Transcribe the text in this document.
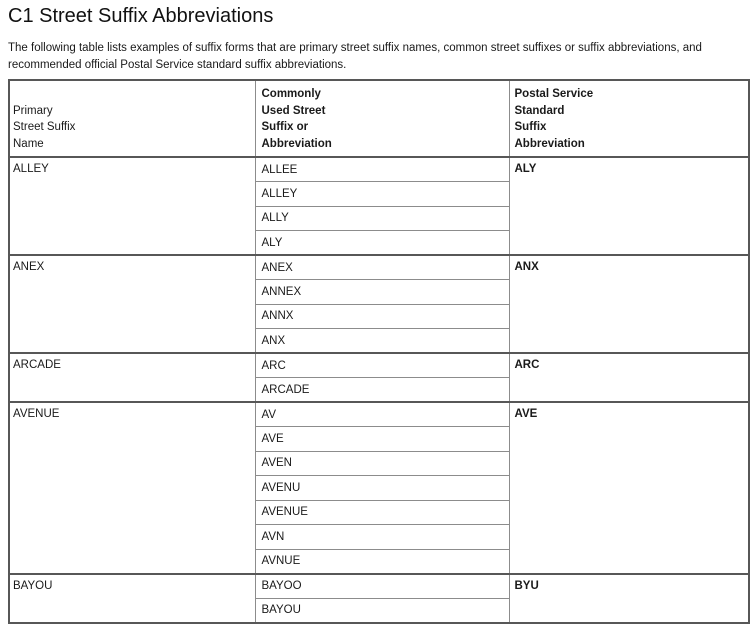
C1 Street Suffix Abbreviations
The following table lists examples of suffix forms that are primary street suffix names, common street suffixes or suffix abbreviations, and
recommended official Postal Service standard suffix abbreviations.
Primary
Street Suffix
Name

Commonly
Used Street
Suffix or
Abbreviation

Postal Service
Standard
Suffix
Abbreviation

ALLEY	ALLEE	ALY
	ALLEY	
	ALLY	
	ALY	
ANEX	ANEX	ANX
	ANNEX	
	ANNX	
	ANX	
ARCADE	ARC	ARC
	ARCADE	
AVENUE	AV	AVE
	AVE	
	AVEN	
	AVENU	
	AVENUE	
	AVN	
	AVNUE	
BAYOU	BAYOO	BYU
	BAYOU	
